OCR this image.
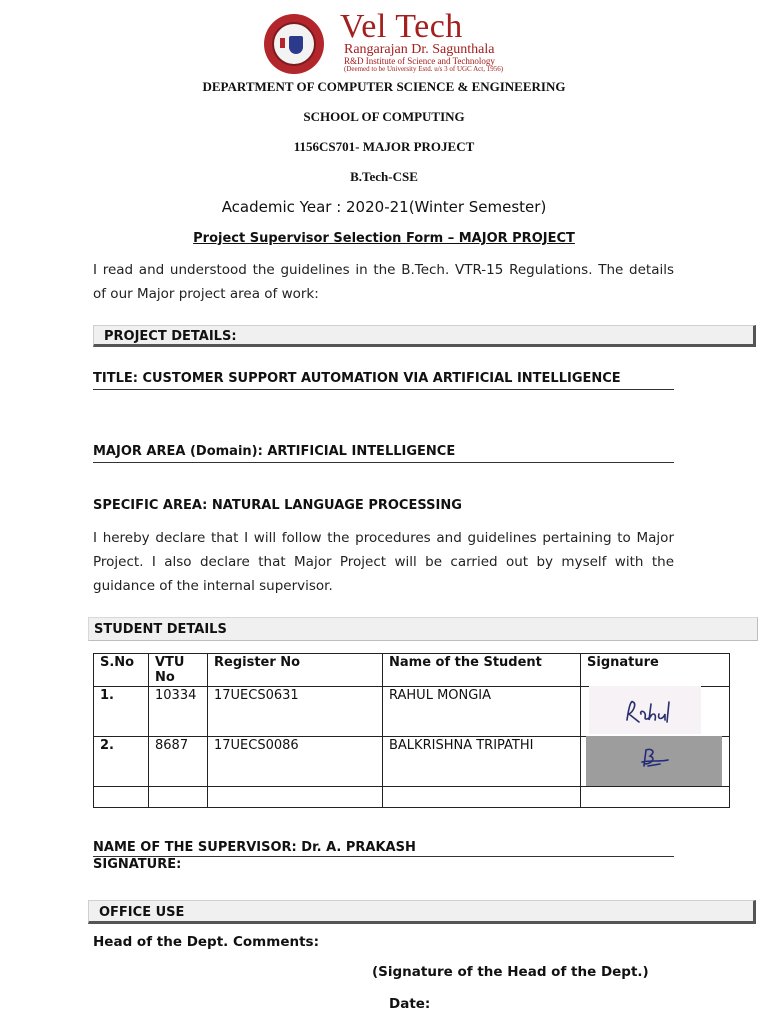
Vel Tech
Rangarajan Dr. Sagunthala
R&D Institute of Science and Technology
(Deemed to be University Estd. u/s 3 of UGC Act, 1956)
DEPARTMENT OF COMPUTER SCIENCE & ENGINEERING
SCHOOL OF COMPUTING
1156CS701- MAJOR PROJECT
B.Tech-CSE
Academic Year : 2020-21(Winter Semester)
Project Supervisor Selection Form – MAJOR PROJECT
I read and understood the guidelines in the B.Tech. VTR-15 Regulations. The details of our Major project area of work:
PROJECT DETAILS:
TITLE: CUSTOMER SUPPORT AUTOMATION VIA ARTIFICIAL INTELLIGENCE
MAJOR AREA (Domain): ARTIFICIAL INTELLIGENCE
SPECIFIC AREA: NATURAL LANGUAGE PROCESSING
I hereby declare that I will follow the procedures and guidelines pertaining to Major Project. I also declare that Major Project will be carried out by myself with the guidance of the internal supervisor.
STUDENT DETAILS
S.No	VTU No	Register No	Name of the Student	Signature
1.	10334	17UECS0631	RAHUL MONGIA	

2.	8687	17UECS0086	BALKRISHNA TRIPATHI	

NAME OF THE SUPERVISOR: Dr. A. PRAKASH
SIGNATURE:
OFFICE USE
Head of the Dept. Comments:
(Signature of the Head of the Dept.)
Date:
